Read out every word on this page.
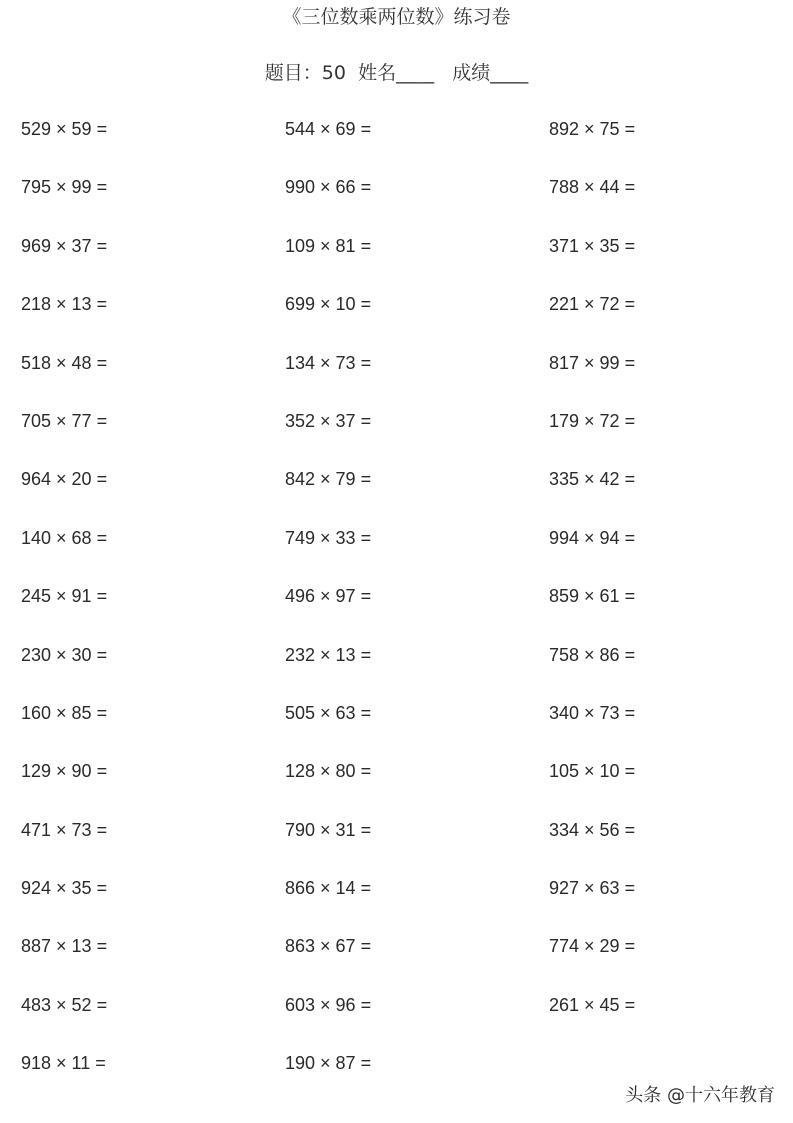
《三位数乘两位数》练习卷
题目：50 姓名____ 成绩____
529 × 59 =	544 × 69 =	892 × 75 =
795 × 99 =	990 × 66 =	788 × 44 =
969 × 37 =	109 × 81 =	371 × 35 =
218 × 13 =	699 × 10 =	221 × 72 =
518 × 48 =	134 × 73 =	817 × 99 =
705 × 77 =	352 × 37 =	179 × 72 =
964 × 20 =	842 × 79 =	335 × 42 =
140 × 68 =	749 × 33 =	994 × 94 =
245 × 91 =	496 × 97 =	859 × 61 =
230 × 30 =	232 × 13 =	758 × 86 =
160 × 85 =	505 × 63 =	340 × 73 =
129 × 90 =	128 × 80 =	105 × 10 =
471 × 73 =	790 × 31 =	334 × 56 =
924 × 35 =	866 × 14 =	927 × 63 =
887 × 13 =	863 × 67 =	774 × 29 =
483 × 52 =	603 × 96 =	261 × 45 =
918 × 11 =	190 × 87 =
头条 @十六年教育
